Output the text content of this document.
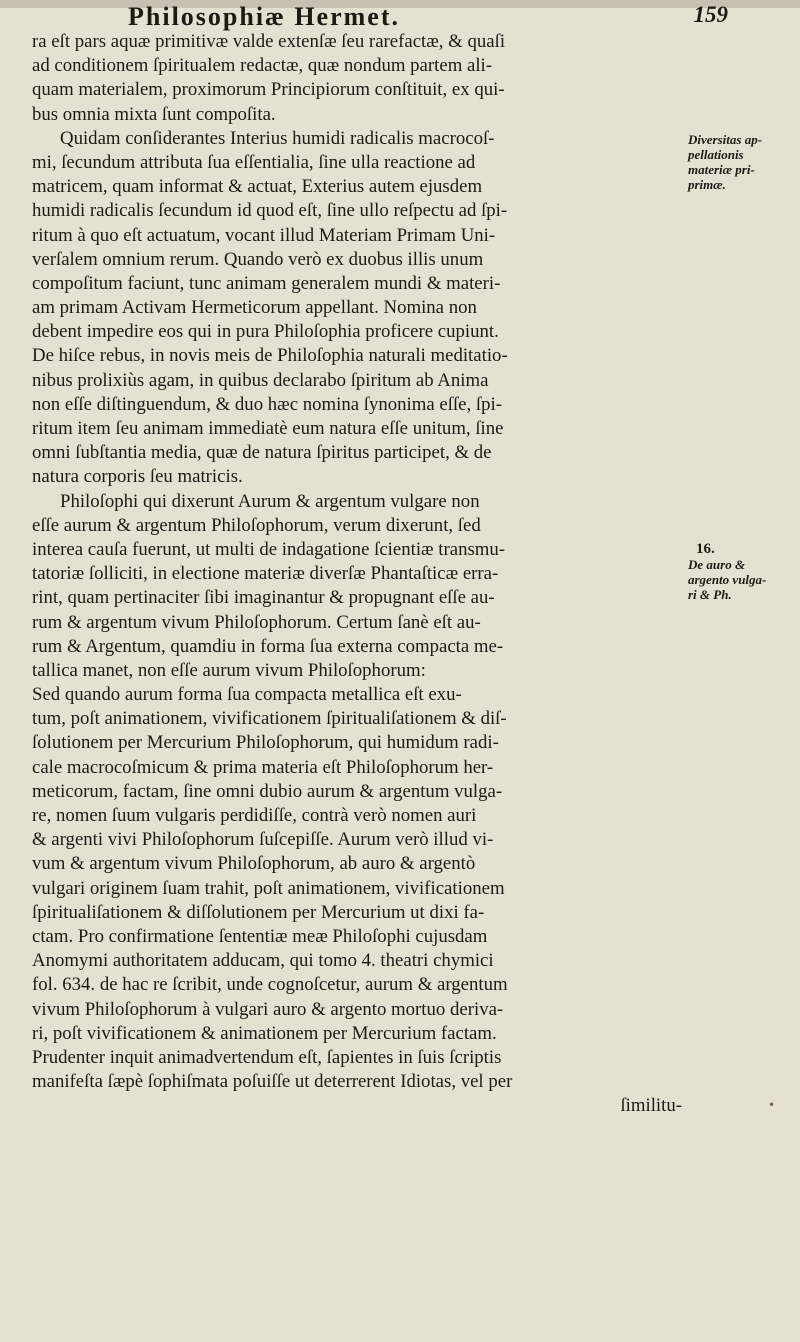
Philosophiæ Hermet.	159
ra eſt pars aquæ primitivæ valde extenſæ ſeu rarefactæ, & quaſi
ad conditionem ſpiritualem redactæ, quæ nondum partem ali-
quam materialem, proximorum Principiorum conſtituit, ex qui-
bus omnia mixta ſunt compoſita.
Quidam conſiderantes Interius humidi radicalis macrocoſ-
mi, ſecundum attributa ſua eſſentialia, ſine ulla reactione ad
matricem, quam informat & actuat, Exterius autem ejusdem
humidi radicalis ſecundum id quod eſt, ſine ullo reſpectu ad ſpi-
ritum à quo eſt actuatum, vocant illud Materiam Primam Uni-
verſalem omnium rerum. Quando verò ex duobus illis unum
compoſitum faciunt, tunc animam generalem mundi & materi-
am primam Activam Hermeticorum appellant. Nomina non
debent impedire eos qui in pura Philoſophia proficere cupiunt.
De hiſce rebus, in novis meis de Philoſophia naturali meditatio-
nibus prolixiùs agam, in quibus declarabo ſpiritum ab Anima
non eſſe diſtinguendum, & duo hæc nomina ſynonima eſſe, ſpi-
ritum item ſeu animam immediatè eum natura eſſe unitum, ſine
omni ſubſtantia media, quæ de natura ſpiritus participet, & de
natura corporis ſeu matricis.
Philoſophi qui dixerunt Aurum & argentum vulgare non
eſſe aurum & argentum Philoſophorum, verum dixerunt, ſed
interea cauſa fuerunt, ut multi de indagatione ſcientiæ transmu-
tatoriæ ſolliciti, in electione materiæ diverſæ Phantaſticæ erra-
rint, quam pertinaciter ſibi imaginantur & propugnant eſſe au-
rum & argentum vivum Philoſophorum. Certum ſanè eſt au-
rum & Argentum, quamdiu in forma ſua externa compacta me-
tallica manet, non eſſe aurum vivum Philoſophorum:
Sed quando aurum forma ſua compacta metallica eſt exu-
tum, poſt animationem, vivificationem ſpiritualiſationem & diſ-
ſolutionem per Mercurium Philoſophorum, qui humidum radi-
cale macrocoſmicum & prima materia eſt Philoſophorum her-
meticorum, factam, ſine omni dubio aurum & argentum vulga-
re, nomen ſuum vulgaris perdidiſſe, contrà verò nomen auri
& argenti vivi Philoſophorum ſuſcepiſſe. Aurum verò illud vi-
vum & argentum vivum Philoſophorum, ab auro & argentò
vulgari originem ſuam trahit, poſt animationem, vivificationem
ſpiritualiſationem & diſſolutionem per Mercurium ut dixi fa-
ctam. Pro confirmatione ſententiæ meæ Philoſophi cujusdam
Anomymi authoritatem adducam, qui tomo 4. theatri chymici
fol. 634. de hac re ſcribit, unde cognoſcetur, aurum & argentum
vivum Philoſophorum à vulgari auro & argento mortuo deriva-
ri, poſt vivificationem & animationem per Mercurium factam.
Prudenter inquit animadvertendum eſt, ſapientes in ſuis ſcriptis
manifeſta ſæpè ſophiſmata poſuiſſe ut deterrerent Idiotas, vel per
ſimilitu-
Diversitas ap-
pellationis
materiæ pri-
primæ.
16.
De auro &
argento vulga-
ri & Ph.
•
